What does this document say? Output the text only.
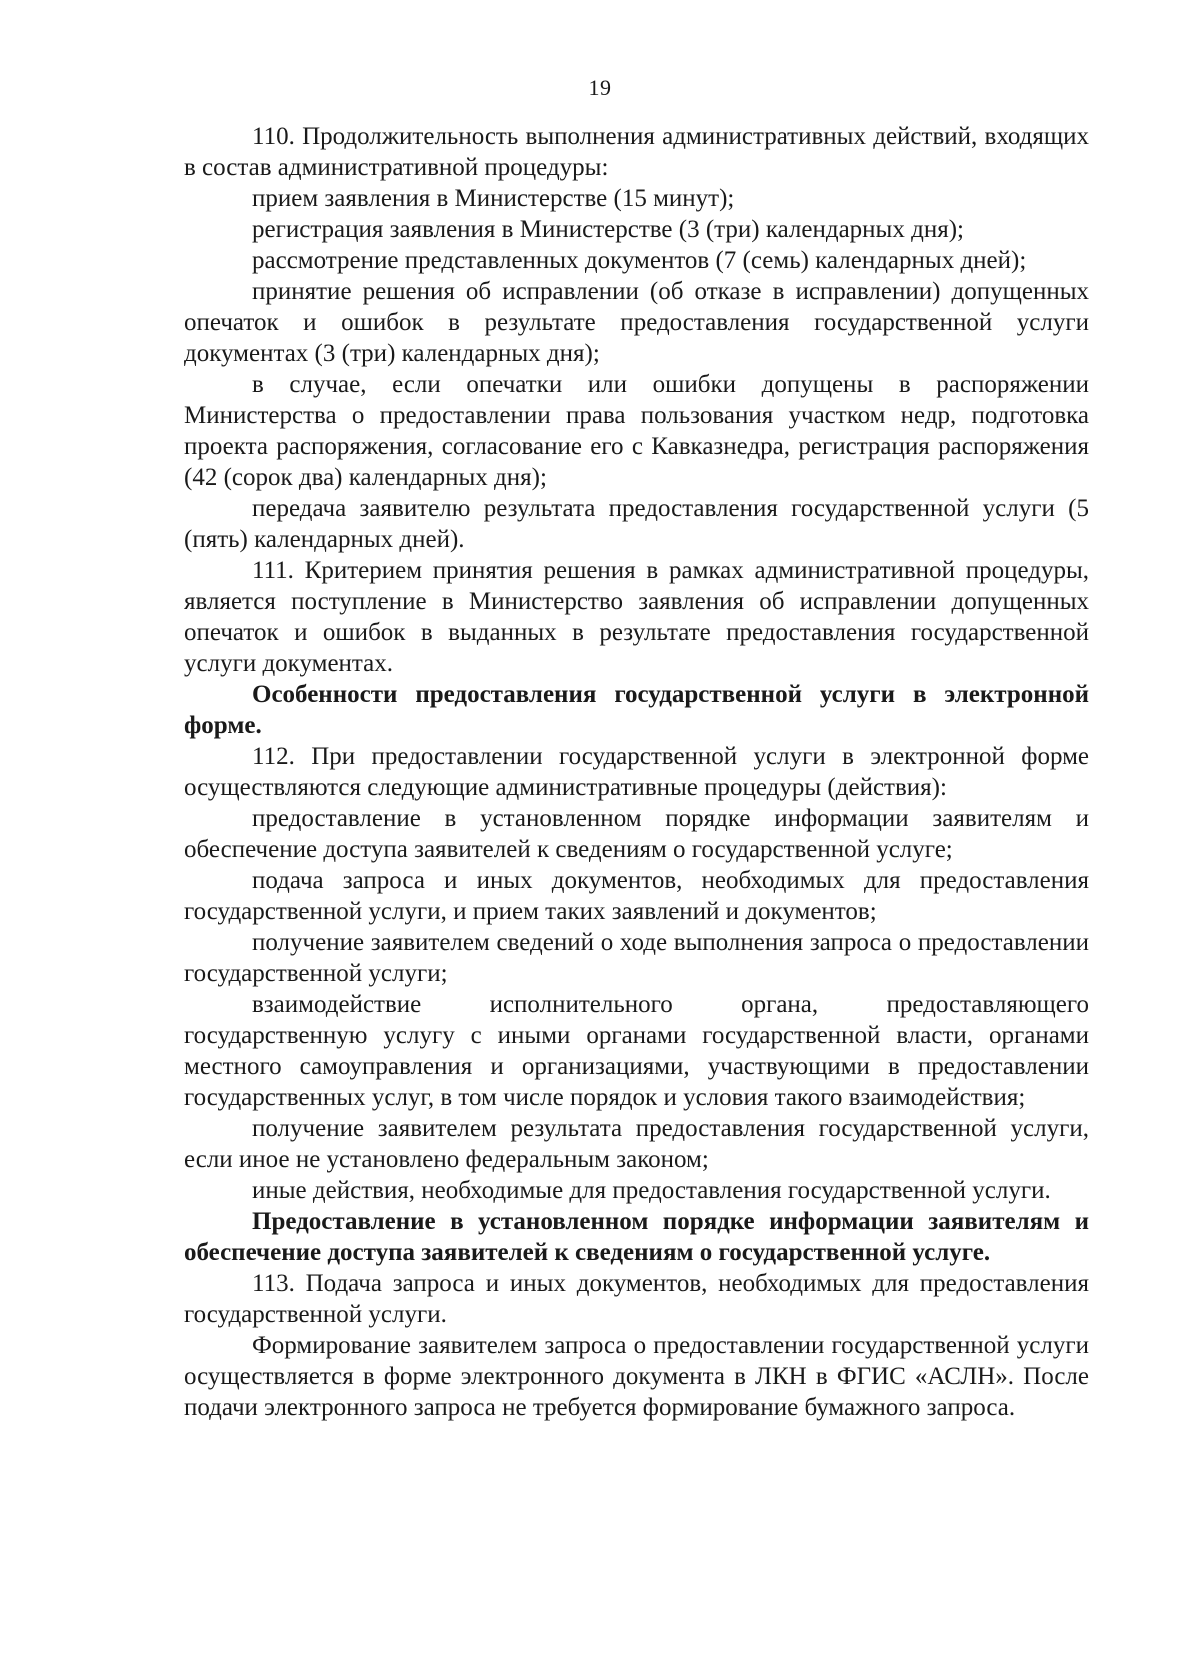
19

110. Продолжительность выполнения административных действий, входящих в состав административной процедуры:

прием заявления в Министерстве (15 минут);

регистрация заявления в Министерстве (3 (три) календарных дня);

рассмотрение представленных документов (7 (семь) календарных дней);

принятие решения об исправлении (об отказе в исправлении) допущенных опечаток и ошибок в результате предоставления государственной услуги документах (3 (три) календарных дня);

в случае, если опечатки или ошибки допущены в распоряжении Министерства о предоставлении права пользования участком недр, подготовка проекта распоряжения, согласование его с Кавказнедра, регистрация распоряжения (42 (сорок два) календарных дня);

передача заявителю результата предоставления государственной услуги (5 (пять) календарных дней).

111. Критерием принятия решения в рамках административной процедуры, является поступление в Министерство заявления об исправлении допущенных опечаток и ошибок в выданных в результате предоставления государственной услуги документах.

Особенности предоставления государственной услуги в электронной форме.

112. При предоставлении государственной услуги в электронной форме осуществляются следующие административные процедуры (действия):

предоставление в установленном порядке информации заявителям и обеспечение доступа заявителей к сведениям о государственной услуге;

подача запроса и иных документов, необходимых для предоставления государственной услуги, и прием таких заявлений и документов;

получение заявителем сведений о ходе выполнения запроса о предоставлении государственной услуги;

взаимодействие исполнительного органа, предоставляющего государственную услугу с иными органами государственной власти, органами местного самоуправления и организациями, участвующими в предоставлении государственных услуг, в том числе порядок и условия такого взаимодействия;

получение заявителем результата предоставления государственной услуги, если иное не установлено федеральным законом;

иные действия, необходимые для предоставления государственной услуги.

Предоставление в установленном порядке информации заявителям и обеспечение доступа заявителей к сведениям о государственной услуге.

113. Подача запроса и иных документов, необходимых для предоставления государственной услуги.

Формирование заявителем запроса о предоставлении государственной услуги осуществляется в форме электронного документа в ЛКН в ФГИС «АСЛН». После подачи электронного запроса не требуется формирование бумажного запроса.
